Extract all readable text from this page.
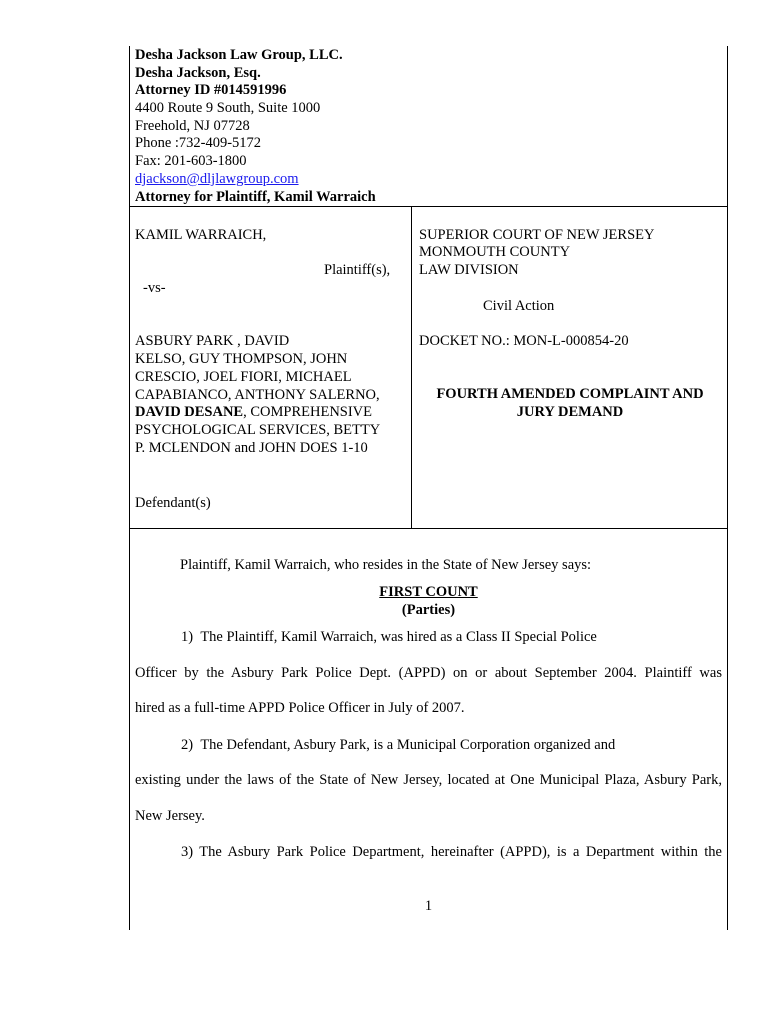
Desha Jackson Law Group, LLC.
Desha Jackson, Esq.
Attorney ID #014591996
4400 Route 9 South, Suite 1000
Freehold, NJ 07728
Phone :732-409-5172
Fax: 201-603-1800
djackson@dljlawgroup.com
Attorney for Plaintiff, Kamil Warraich
KAMIL WARRAICH,
Plaintiff(s),
-vs-
ASBURY PARK , DAVID
KELSO, GUY THOMPSON, JOHN
CRESCIO, JOEL FIORI, MICHAEL
CAPABIANCO, ANTHONY SALERNO,
DAVID DESANE, COMPREHENSIVE
PSYCHOLOGICAL SERVICES, BETTY
P. MCLENDON and JOHN DOES 1-10
Defendant(s)
SUPERIOR COURT OF NEW JERSEY
MONMOUTH COUNTY
LAW DIVISION
Civil Action
DOCKET NO.: MON-L-000854-20
FOURTH AMENDED COMPLAINT AND
JURY DEMAND
Plaintiff, Kamil Warraich, who resides in the State of New Jersey says:
FIRST COUNT
(Parties)
1)  The Plaintiff, Kamil Warraich, was hired as a Class II Special Police
Officer by the Asbury Park Police Dept. (APPD) on or about September 2004. Plaintiff was
hired as a full-time APPD Police Officer in July of 2007.
2)  The Defendant, Asbury Park, is a Municipal Corporation organized and
existing under the laws of the State of New Jersey, located at One Municipal Plaza, Asbury Park,
New Jersey.
3) The Asbury Park Police Department, hereinafter (APPD), is a Department within the
1
